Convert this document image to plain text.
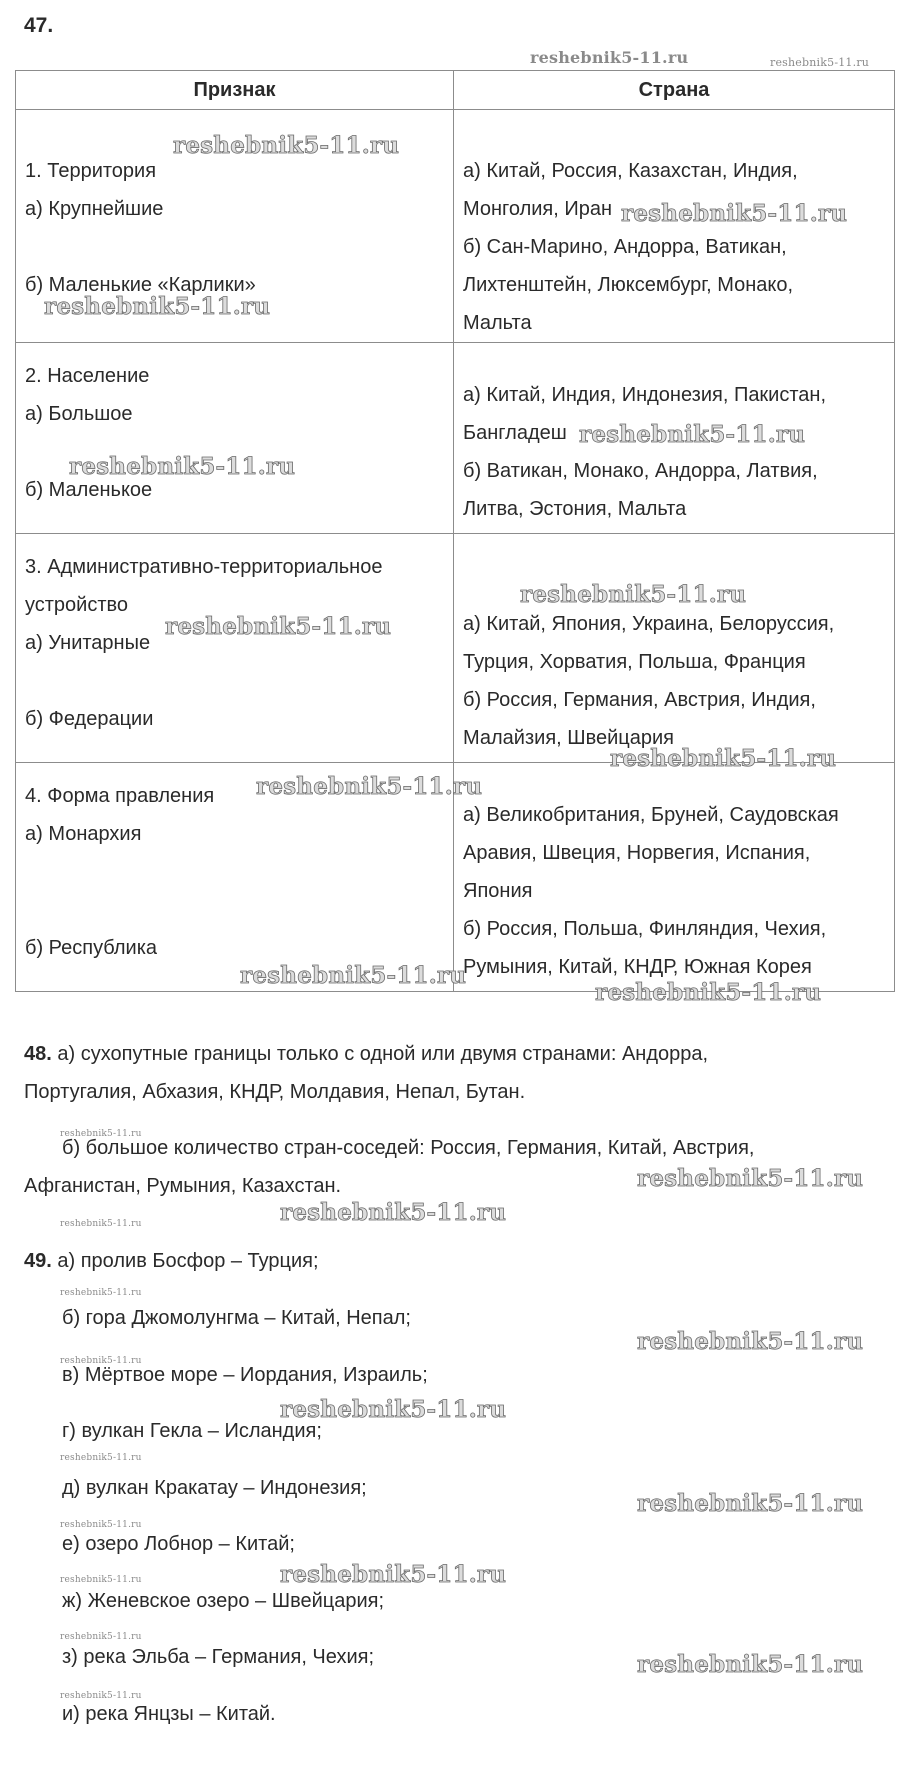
47.
Признак	Страна

1. Территория
а) Крупнейшие
б) Маленькие «Карлики»	а) Китай, Россия, Казахстан, Индия,
Монголия, Иран
б) Сан-Марино, Андорра, Ватикан,
Лихтенштейн, Люксембург, Монако,
Мальта

2. Население
а) Большое
б) Маленькое	а) Китай, Индия, Индонезия, Пакистан,
Бангладеш
б) Ватикан, Монако, Андорра, Латвия,
Литва, Эстония, Мальта

3. Административно-территориальное
устройство
а) Унитарные
б) Федерации	а) Китай, Япония, Украина, Белоруссия,
Турция, Хорватия, Польша, Франция
б) Россия, Германия, Австрия, Индия,
Малайзия, Швейцария

4. Форма правления
а) Монархия
б) Республика	а) Великобритания, Бруней, Саудовская
Аравия, Швеция, Норвегия, Испания,
Япония
б) Россия, Польша, Финляндия, Чехия,
Румыния, Китай, КНДР, Южная Корея
48. а) сухопутные границы только с одной или двумя странами: Андорра,
Португалия, Абхазия, КНДР, Молдавия, Непал, Бутан.
б) большое количество стран-соседей: Россия, Германия, Китай, Австрия,
Афганистан, Румыния, Казахстан.
49. а) пролив Босфор – Турция;
б) гора Джомолунгма – Китай, Непал;
в) Мёртвое море – Иордания, Израиль;
г) вулкан Гекла – Исландия;
д) вулкан Кракатау – Индонезия;
е) озеро Лобнор – Китай;
ж) Женевское озеро – Швейцария;
з) река Эльба – Германия, Чехия;
и) река Янцзы – Китай.
reshebnik5-11.ru
reshebnik5-11.ru
reshebnik5-11.ru
reshebnik5-11.ru
reshebnik5-11.ru
reshebnik5-11.ru
reshebnik5-11.ru
reshebnik5-11.ru
reshebnik5-11.ru
reshebnik5-11.ru
reshebnik5-11.ru
reshebnik5-11.ru
reshebnik5-11.ru
reshebnik5-11.ru
reshebnik5-11.ru
reshebnik5-11.ru
reshebnik5-11.ru
reshebnik5-11.ru
reshebnik5-11.ru	reshebnik5-11.ru
reshebnik5-11.ru
reshebnik5-11.ru
reshebnik5-11.ru
reshebnik5-11.ru
reshebnik5-11.ru
reshebnik5-11.ru
reshebnik5-11.ru
reshebnik5-11.ru
reshebnik5-11.ru
